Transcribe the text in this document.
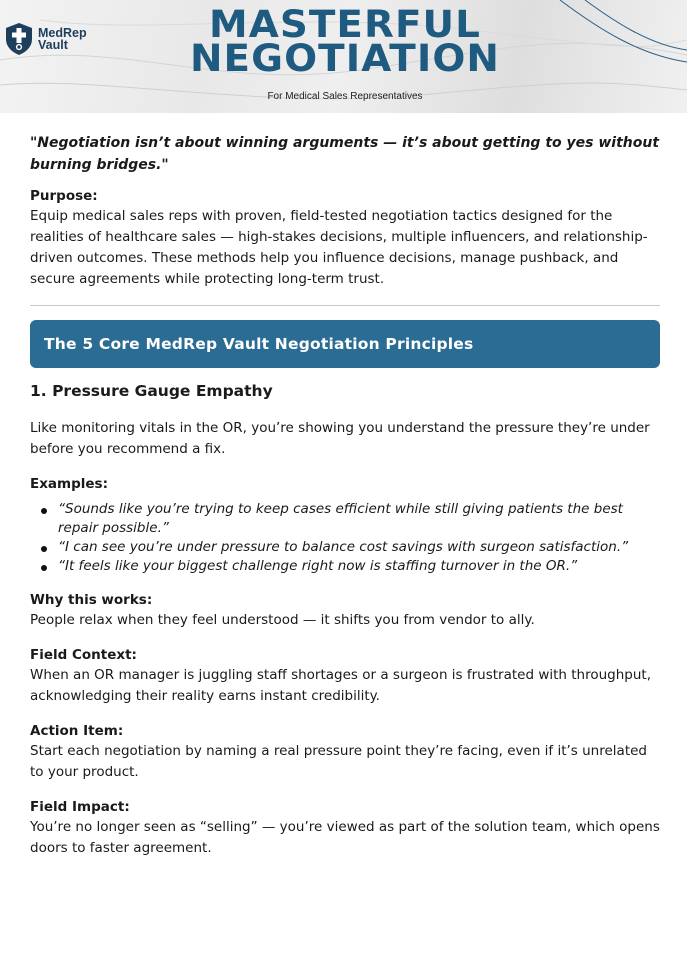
MedRep
Vault	MASTERFUL
NEGOTIATION
For Medical Sales Representatives

"Negotiation isn’t about winning arguments — it’s about getting to yes without burning bridges."

Purpose:

Equip medical sales reps with proven, field-tested negotiation tactics designed for the realities of healthcare sales — high-stakes decisions, multiple influencers, and relationship-driven outcomes. These methods help you influence decisions, manage pushback, and secure agreements while protecting long-term trust.

The 5 Core MedRep Vault Negotiation Principles
1. Pressure Gauge Empathy

Like monitoring vitals in the OR, you’re showing you understand the pressure they’re under before you recommend a fix.

Examples:

“Sounds like you’re trying to keep cases efficient while still giving patients the best repair possible.”
“I can see you’re under pressure to balance cost savings with surgeon satisfaction.”
“It feels like your biggest challenge right now is staffing turnover in the OR.”

Why this works:

People relax when they feel understood — it shifts you from vendor to ally.

Field Context:

When an OR manager is juggling staff shortages or a surgeon is frustrated with throughput, acknowledging their reality earns instant credibility.

Action Item:

Start each negotiation by naming a real pressure point they’re facing, even if it’s unrelated to your product.

Field Impact:

You’re no longer seen as “selling” — you’re viewed as part of the solution team, which opens doors to faster agreement.
